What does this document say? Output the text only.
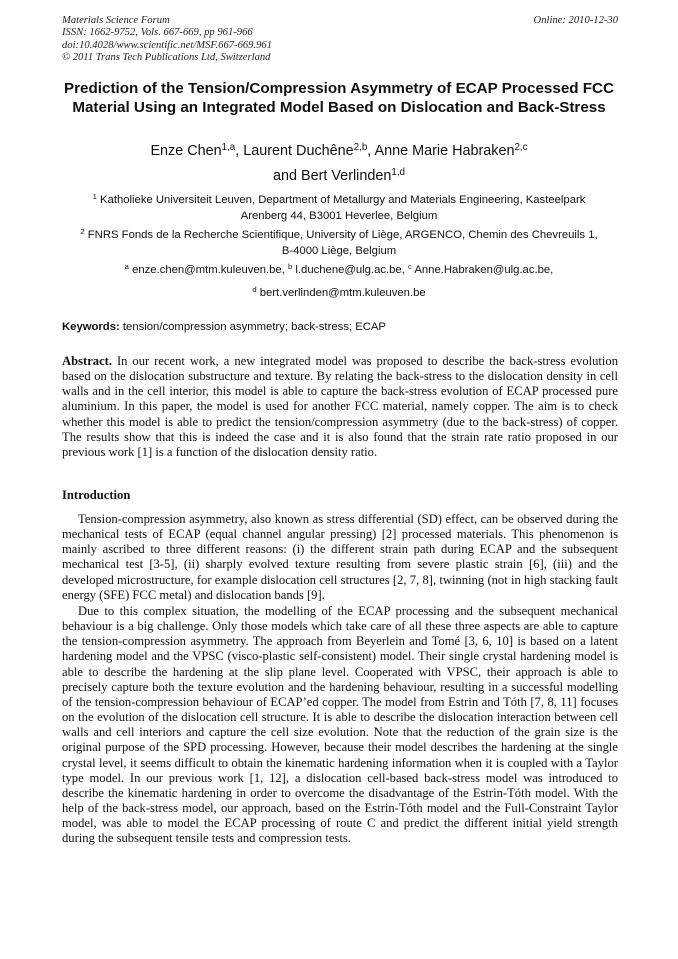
Materials Science Forum
ISSN: 1662-9752, Vols. 667-669, pp 961-966
doi:10.4028/www.scientific.net/MSF.667-669.961
© 2011 Trans Tech Publications Ltd, Switzerland
Online: 2010-12-30
Prediction of the Tension/Compression Asymmetry of ECAP Processed FCC Material Using an Integrated Model Based on Dislocation and Back-Stress
Enze Chen$^{1,a}$, Laurent Duchêne$^{2,b}$, Anne Marie Habraken$^{2,c}$
and Bert Verlinden$^{1,d}$
$^1$ Katholieke Universiteit Leuven, Department of Metallurgy and Materials Engineering, Kasteelpark Arenberg 44, B3001 Heverlee, Belgium
$^2$ FNRS Fonds de la Recherche Scientifique, University of Liège, ARGENCO, Chemin des Chevreuils 1, B-4000 Liège, Belgium
$^a$ enze.chen@mtm.kuleuven.be, $^b$ l.duchene@ulg.ac.be, $^c$ Anne.Habraken@ulg.ac.be,
$^d$ bert.verlinden@mtm.kuleuven.be
Keywords: tension/compression asymmetry; back-stress; ECAP

Abstract. In our recent work, a new integrated model was proposed to describe the back-stress evolution based on the dislocation substructure and texture. By relating the back-stress to the dislocation density in cell walls and in the cell interior, this model is able to capture the back-stress evolution of ECAP processed pure aluminium. In this paper, the model is used for another FCC material, namely copper. The aim is to check whether this model is able to predict the tension/compression asymmetry (due to the back-stress) of copper. The results show that this is indeed the case and it is also found that the strain rate ratio proposed in our previous work [1] is a function of the dislocation density ratio.

Introduction

Tension-compression asymmetry, also known as stress differential (SD) effect, can be observed during the mechanical tests of ECAP (equal channel angular pressing) [2] processed materials. This phenomenon is mainly ascribed to three different reasons: (i) the different strain path during ECAP and the subsequent mechanical test [3-5], (ii) sharply evolved texture resulting from severe plastic strain [6], (iii) and the developed microstructure, for example dislocation cell structures [2, 7, 8], twinning (not in high stacking fault energy (SFE) FCC metal) and dislocation bands [9].

Due to this complex situation, the modelling of the ECAP processing and the subsequent mechanical behaviour is a big challenge. Only those models which take care of all these three aspects are able to capture the tension-compression asymmetry. The approach from Beyerlein and Tomé [3, 6, 10] is based on a latent hardening model and the VPSC (visco-plastic self-consistent) model. Their single crystal hardening model is able to describe the hardening at the slip plane level. Cooperated with VPSC, their approach is able to precisely capture both the texture evolution and the hardening behaviour, resulting in a successful modelling of the tension-compression behaviour of ECAP’ed copper. The model from Estrin and Tóth [7, 8, 11] focuses on the evolution of the dislocation cell structure. It is able to describe the dislocation interaction between cell walls and cell interiors and capture the cell size evolution. Note that the reduction of the grain size is the original purpose of the SPD processing. However, because their model describes the hardening at the single crystal level, it seems difficult to obtain the kinematic hardening information when it is coupled with a Taylor type model. In our previous work [1, 12], a dislocation cell-based back-stress model was introduced to describe the kinematic hardening in order to overcome the disadvantage of the Estrin-Tóth model. With the help of the back-stress model, our approach, based on the Estrin-Tóth model and the Full-Constraint Taylor model, was able to model the ECAP processing of route C and predict the different initial yield strength during the subsequent tensile tests and compression tests.
